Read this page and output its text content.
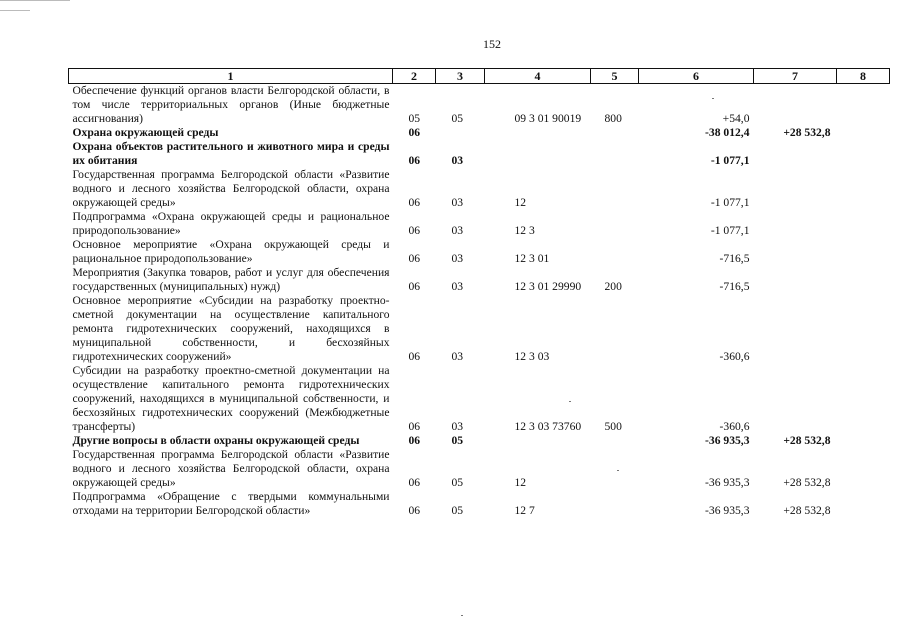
152
1	2	3	4	5	6	7	8
Обеспечение функций органов власти Белгородской области, в том числе территориальных органов (Иные бюджетные ассигнования)	05	05	09 3 01 90019	800	+54,0		
Охрана окружающей среды	06				-38 012,4	+28 532,8	
Охрана объектов растительного и животного мира и среды их обитания	06	03			-1 077,1		
Государственная программа Белгородской области «Развитие водного и лесного хозяйства Белгородской области, охрана окружающей среды»	06	03	12		-1 077,1		
Подпрограмма «Охрана окружающей среды и рациональное природопользование»	06	03	12 3		-1 077,1		
Основное мероприятие «Охрана окружающей среды и рациональное природопользование»	06	03	12 3 01		-716,5		
Мероприятия (Закупка товаров, работ и услуг для обеспечения государственных (муниципальных) нужд)	06	03	12 3 01 29990	200	-716,5		
Основное мероприятие «Субсидии на разработку проектно-сметной документации на осуществление капитального ремонта гидротехнических сооружений, находящихся в муниципальной собственности, и бесхозяйных гидротехнических сооружений»	06	03	12 3 03		-360,6		
Субсидии на разработку проектно-сметной документации на осуществление капитального ремонта гидротехнических сооружений, находящихся в муниципальной собственности, и бесхозяйных гидротехнических сооружений (Межбюджетные трансферты)	06	03	12 3 03 73760	500	-360,6		
Другие вопросы в области охраны окружающей среды	06	05			-36 935,3	+28 532,8	
Государственная программа Белгородской области «Развитие водного и лесного хозяйства Белгородской области, охрана окружающей среды»	06	05	12		-36 935,3	+28 532,8	
Подпрограмма «Обращение с твердыми коммунальными отходами на территории Белгородской области»	06	05	12 7		-36 935,3	+28 532,8	
